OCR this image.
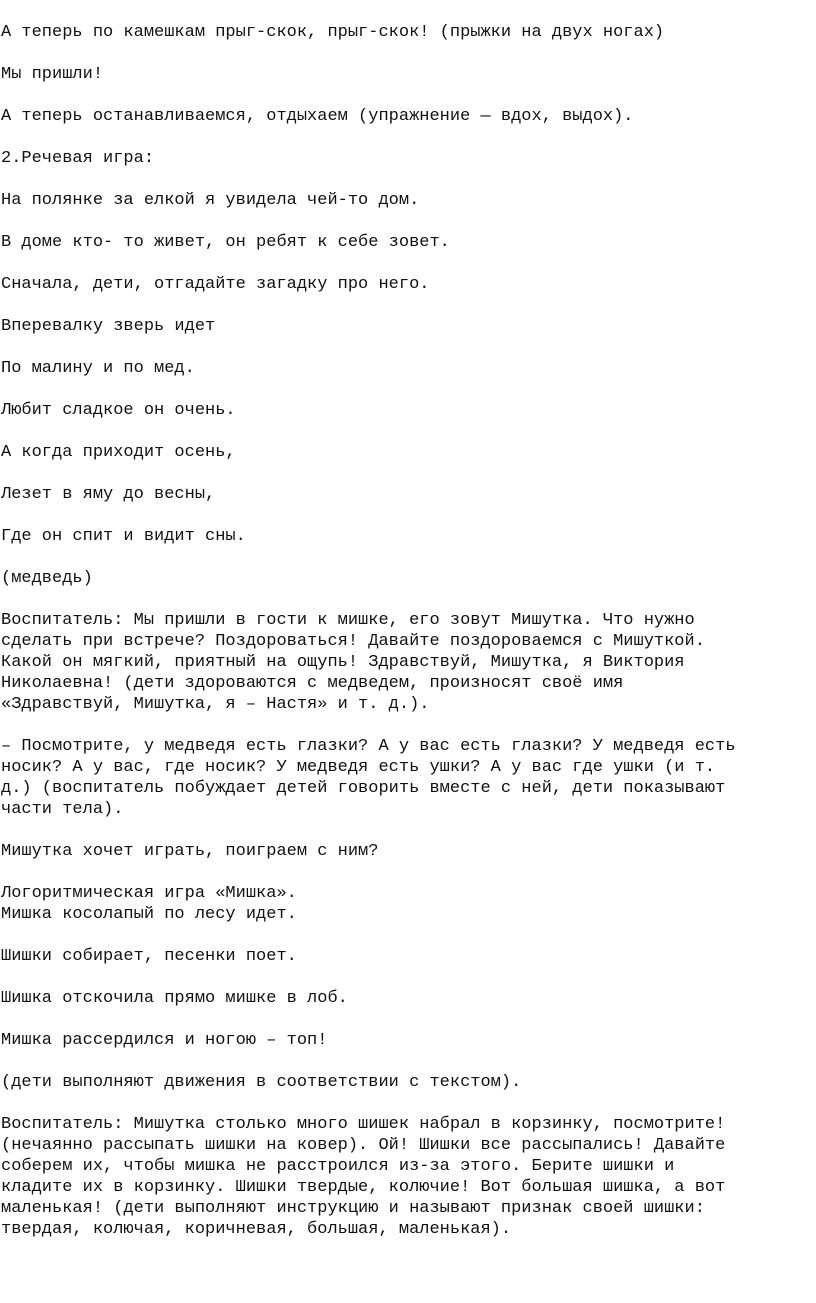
А теперь по камешкам прыг-скок, прыг-скок! (прыжки на двух ногах)

Мы пришли!

А теперь останавливаемся, отдыхаем (упражнение — вдох, выдох).

2.Речевая игра:

На полянке за елкой я увидела чей-то дом.

В доме кто- то живет, он ребят к себе зовет.

Сначала, дети, отгадайте загадку про него.

Вперевалку зверь идет

По малину и по мед.

Любит сладкое он очень.

А когда приходит осень,

Лезет в яму до весны,

Где он спит и видит сны.

(медведь)

Воспитатель: Мы пришли в гости к мишке, его зовут Мишутка. Что нужно
сделать при встрече? Поздороваться! Давайте поздороваемся с Мишуткой.
Какой он мягкий, приятный на ощупь! Здравствуй, Мишутка, я Виктория
Николаевна! (дети здороваются с медведем, произносят своё имя
«Здравствуй, Мишутка, я – Настя» и т. д.).

– Посмотрите, у медведя есть глазки? А у вас есть глазки? У медведя есть
носик? А у вас, где носик? У медведя есть ушки? А у вас где ушки (и т.
д.) (воспитатель побуждает детей говорить вместе с ней, дети показывают
части тела).

Мишутка хочет играть, поиграем с ним?

Логоритмическая игра «Мишка».
Мишка косолапый по лесу идет.

Шишки собирает, песенки поет.

Шишка отскочила прямо мишке в лоб.

Мишка рассердился и ногою – топ!

(дети выполняют движения в соответствии с текстом).

Воспитатель: Мишутка столько много шишек набрал в корзинку, посмотрите!
(нечаянно рассыпать шишки на ковер). Ой! Шишки все рассыпались! Давайте
соберем их, чтобы мишка не расстроился из-за этого. Берите шишки и
кладите их в корзинку. Шишки твердые, колючие! Вот большая шишка, а вот
маленькая! (дети выполняют инструкцию и называют признак своей шишки:
твердая, колючая, коричневая, большая, маленькая).
